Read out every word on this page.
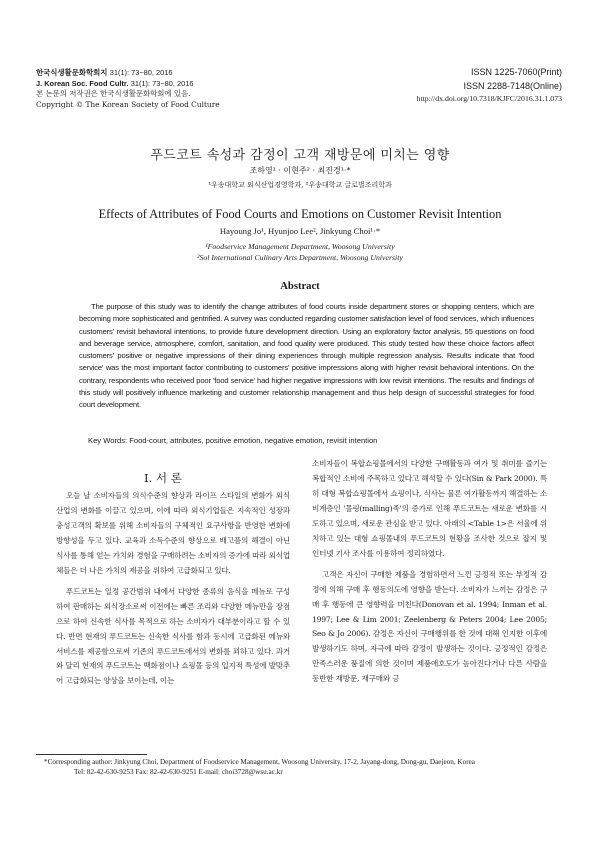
한국식생활문화학회지 31(1): 73~80, 2016
J. Korean Soc. Food Cultr. 31(1): 73~80, 2016
본 논문의 저작권은 한국식생활문화학회에 있음.
Copyright © The Korean Society of Food Culture
ISSN 1225-7060(Print)
ISSN 2288-7148(Online)
http://dx.doi.org/10.7318/KJFC/2016.31.1.073
푸드코트 속성과 감정이 고객 재방문에 미치는 영향
조하영¹ · 이현주² · 최진경¹·*
¹우송대학교 외식산업경영학과, ²우송대학교 글로벌조리학과
Effects of Attributes of Food Courts and Emotions on Customer Revisit Intention
Hayoung Jo¹, Hyunjoo Lee², Jinkyung Choi¹·*
¹Foodservice Management Department, Woosong University
²Sol International Culinary Arts Department, Woosong University
Abstract
The purpose of this study was to identify the change attributes of food courts inside department stores or shopping centers, which are becoming more sophisticated and gentrified. A survey was conducted regarding customer satisfaction level of food services, which influences customers' revisit behavioral intentions, to provide future development direction. Using an exploratory factor analysis, 55 questions on food and beverage service, atmosphere, comfort, sanitation, and food quality were produced. This study tested how these choice factors affect customers' positive or negative impressions of their dining experiences through multiple regression analysis. Results indicate that 'food service' was the most important factor contributing to customers' positive impressions along with higher revisit behavioral intentions. On the contrary, respondents who received poor 'food service' had higher negative impressions with low revisit intentions. The results and findings of this study will positively influence marketing and customer relationship management and thus help design of successful strategies for food court development.
Key Words: Food-court, attributes, positive emotion, negative emotion, revisit intention
Ⅰ. 서 론

오늘 날 소비자들의 의식수준의 향상과 라이프 스타일의 변화가 외식산업의 변화를 이끌고 있으며, 이에 따라 외식기업들은 지속적인 성장과 충성고객의 확보를 위해 소비자들의 구체적인 요구사항을 반영한 변화에 방향성을 두고 있다. 교육과 소득수준의 향상으로 배고픔의 해결이 아닌 식사를 통해 얻는 가치와 경험을 구매하려는 소비자의 증가에 따라 외식업체들은 더 나은 가치의 제공을 위하여 고급화되고 있다.

푸드코트는 일정 공간범위 내에서 다양한 종류의 음식을 메뉴로 구성하여 판매하는 외식장소로써 이전에는 빠른 조리와 다양한 메뉴만을 장점으로 하여 신속한 식사를 목적으로 하는 소비자가 대부분이라고 할 수 있다. 반면 현재의 푸드코트는 신속한 식사를 함과 동시에 고급화된 메뉴와 서비스를 제공함으로써 기존의 푸드코트에서의 변화를 꾀하고 있다. 과거와 달리 현재의 푸드코트는 백화점이나 쇼핑몰 등의 입지적 특성에 발맞추어 고급화되는 양상을 보이는데, 이는

소비자들이 복합쇼핑몰에서의 다양한 구매활동과 여가 및 취미를 즐기는 복합적인 소비에 주목하고 있다고 해석할 수 있다(Sin & Park 2000). 특히 대형 복합쇼핑몰에서 쇼핑이나, 식사는 물론 여가활동까지 해결하는 소비계층인 '몰링(malling)족'의 증가로 인해 푸드코트는 새로운 변화를 시도하고 있으며, 새로운 관심을 받고 있다. 아래의 <Table 1>은 서울에 위치하고 있는 대형 쇼핑몰내의 푸드코트의 현황을 조사한 것으로 잡지 및 인터넷 기사 조사를 이용하여 정리하였다.

고객은 자신이 구매한 제품을 경험하면서 느낀 긍정적 또는 부정적 감정에 의해 구매 후 행동의도에 영향을 받는다. 소비자가 느끼는 감정은 구매 후 행동에 큰 영향력을 미친다(Donovan et al. 1994; Inman et al. 1997; Lee & Lim 2001; Zeelenberg & Peters 2004; Lee 2005; Seo & Jo 2006). 감정은 자신이 구매행위를 한 것에 대해 인지한 이후에 발생하기도 하며, 자극에 따라 감정이 발생하는 것이다. 긍정적인 감정은 만족스러운 품질에 의한 것이며 제품애호도가 높아진다거나 다른 사람을 동반한 재방문, 재구매와 긍

*Corresponding author: Jinkyung Choi, Department of Foodservice Management, Woosong University, 17-2, Jayang-dong, Dong-gu, Daejeon, Korea
Tel: 82-42-630-9253 Fax: 82-42-630-9251 E-mail: choi3728@wsu.ac.kr
